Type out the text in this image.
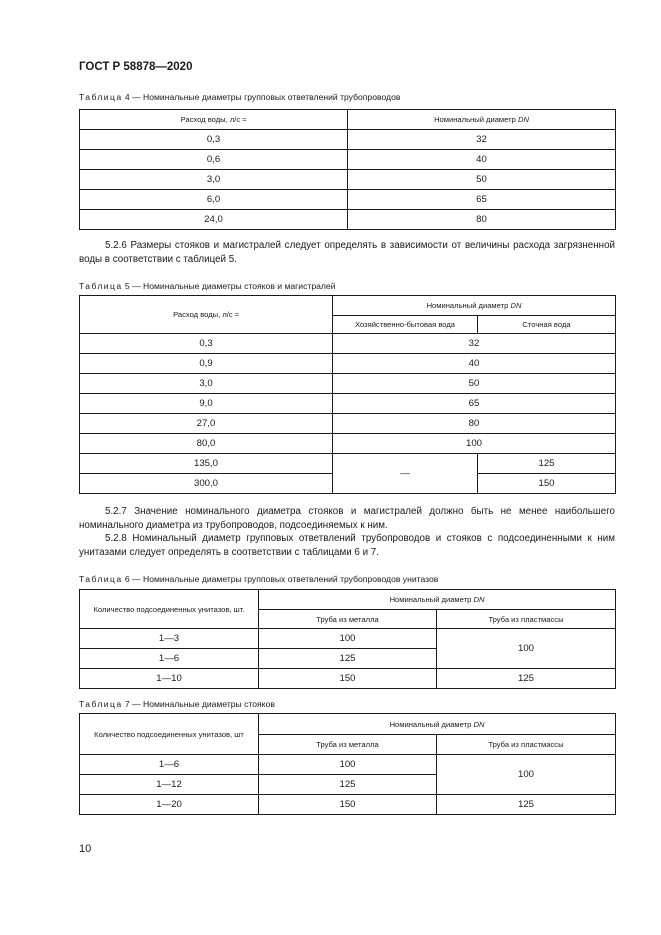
ГОСТ Р 58878—2020
Таблица 4 — Номинальные диаметры групповых ответвлений трубопроводов
Расход воды, л/с ≈	Номинальный диаметр DN
0,3	32
0,6	40
3,0	50
6,0	65
24,0	80

5.2.6 Размеры стояков и магистралей следует определять в зависимости от величины расхода загрязненной воды в соответствии с таблицей 5.

Таблица 5 — Номинальные диаметры стояков и магистралей
Расход воды, л/с ≈	Номинальный диаметр DN	
	Хозяйственно-бытовая вода	Сточная вода
0,3	32	
0,9	40	
3,0	50	
9,0	65	
27,0	80	
80,0	100	
135,0	—	125
300,0		150

5.2.7 Значение номинального диаметра стояков и магистралей должно быть не менее наибольшего номинального диаметра из трубопроводов, подсоединяемых к ним.

5.2.8 Номинальный диаметр групповых ответвлений трубопроводов и стояков с подсоединенными к ним унитазами следует определять в соответствии с таблицами 6 и 7.

Таблица 6 — Номинальные диаметры групповых ответвлений трубопроводов унитазов
Количество подсоединенных унитазов, шт.	Номинальный диаметр DN	
	Труба из металла	Труба из пластмассы
1—3	100	100
1—6	125	
1—10	150	125
Таблица 7 — Номинальные диаметры стояков
Количество подсоединенных унитазов, шт	Номинальный диаметр DN	
	Труба из металла	Труба из пластмассы
1—6	100	100
1—12	125	
1—20	150	125
10
